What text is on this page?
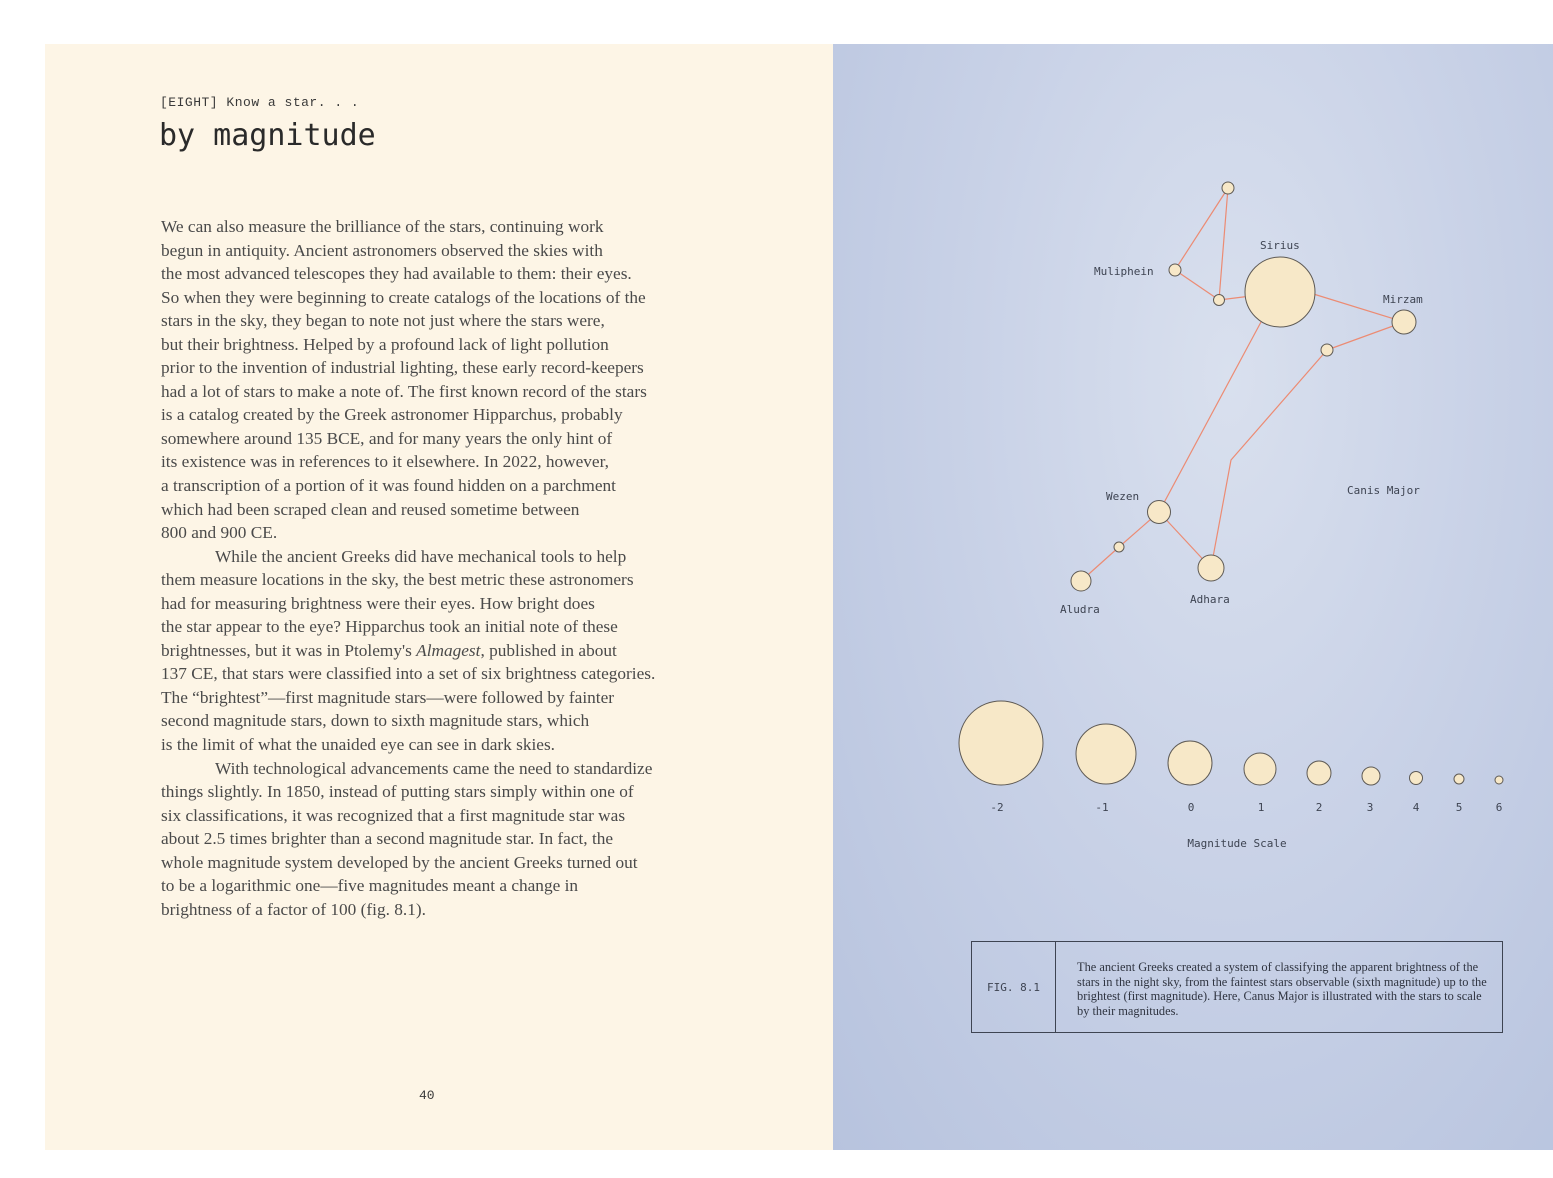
[EIGHT] Know a star. . .
by magnitude

We can also measure the brilliance of the stars, continuing work
begun in antiquity. Ancient astronomers observed the skies with
the most advanced telescopes they had available to them: their eyes.
So when they were beginning to create catalogs of the locations of the
stars in the sky, they began to note not just where the stars were,
but their brightness. Helped by a profound lack of light pollution
prior to the invention of industrial lighting, these early record-keepers
had a lot of stars to make a note of. The first known record of the stars
is a catalog created by the Greek astronomer Hipparchus, probably
somewhere around 135 BCE, and for many years the only hint of
its existence was in references to it elsewhere. In 2022, however,
a transcription of a portion of it was found hidden on a parchment
which had been scraped clean and reused sometime between
800 and 900 CE.

While the ancient Greeks did have mechanical tools to help
them measure locations in the sky, the best metric these astronomers
had for measuring brightness were their eyes. How bright does
the star appear to the eye? Hipparchus took an initial note of these
brightnesses, but it was in Ptolemy's Almagest, published in about
137 CE, that stars were classified into a set of six brightness categories.
The “brightest”—first magnitude stars—were followed by fainter
second magnitude stars, down to sixth magnitude stars, which
is the limit of what the unaided eye can see in dark skies.

With technological advancements came the need to standardize
things slightly. In 1850, instead of putting stars simply within one of
six classifications, it was recognized that a first magnitude star was
about 2.5 times brighter than a second magnitude star. In fact, the
whole magnitude system developed by the ancient Greeks turned out
to be a logarithmic one—five magnitudes meant a change in
brightness of a factor of 100 (fig. 8.1).

40
Sirius
Mirzam
Muliphein
Wezen
Adhara
Aludra
Canis Major
-2	-1	0	1	2	3	4	5	6
Magnitude Scale
FIG. 8.1
The ancient Greeks created a system of classifying the apparent brightness of the stars in the night sky, from the faintest stars observable (sixth magnitude) up to the brightest (first magnitude). Here, Canus Major is illustrated with the stars to scale by their magnitudes.
